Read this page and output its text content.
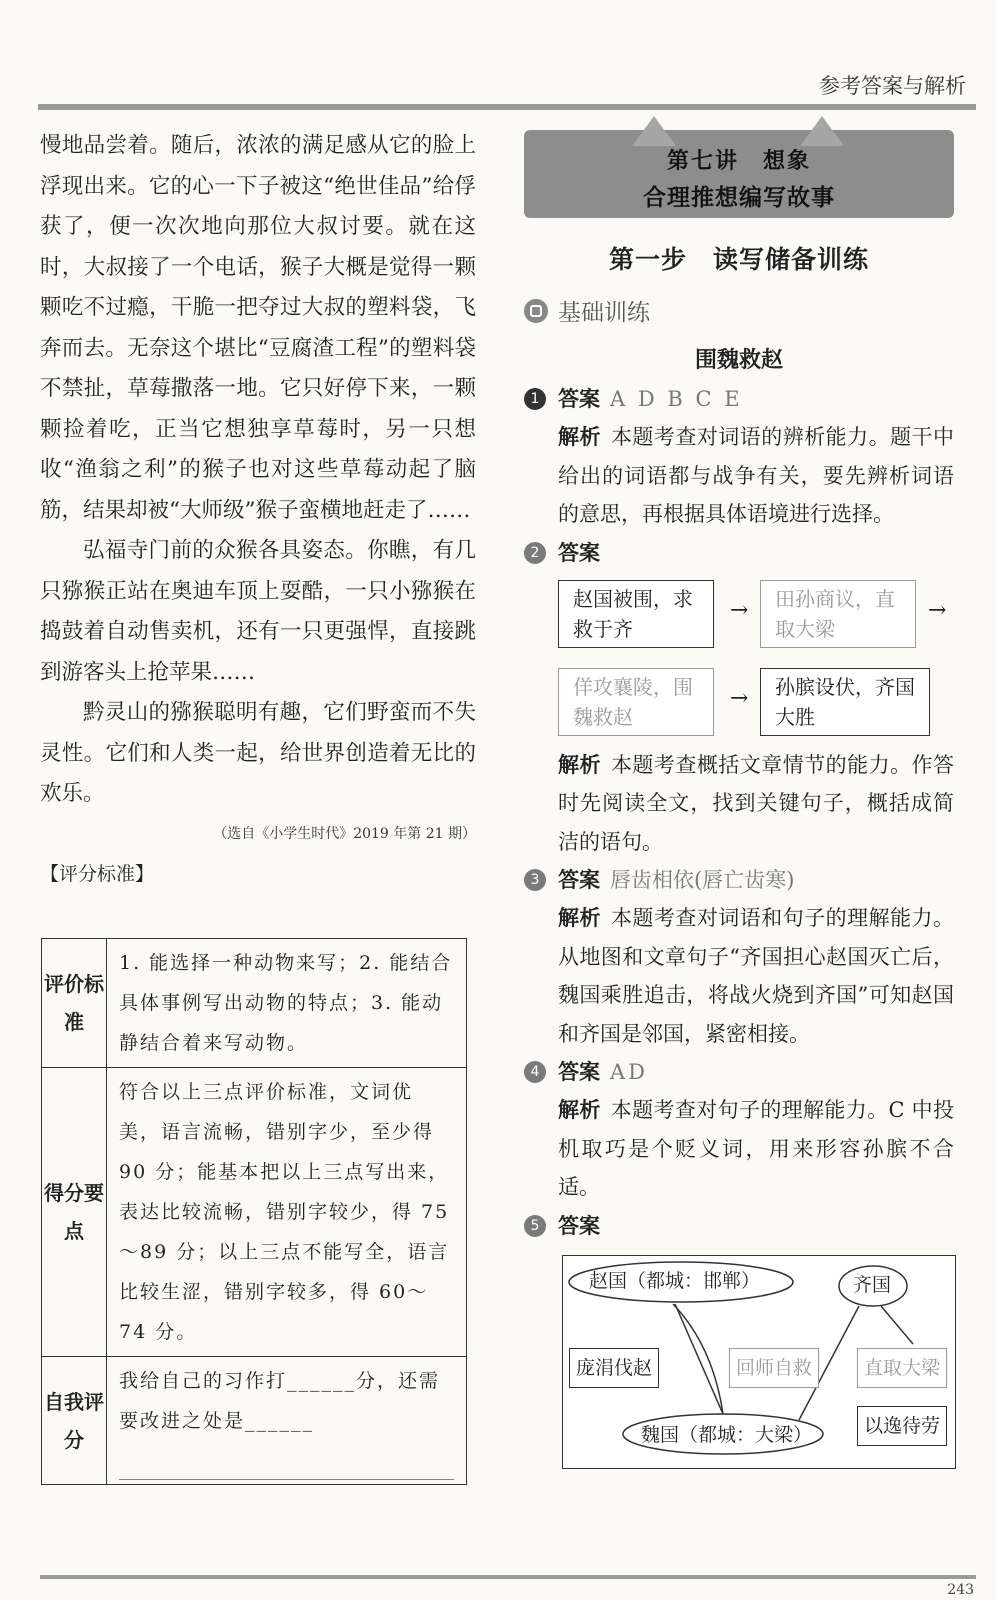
参考答案与解析

慢地品尝着。随后，浓浓的满足感从它的脸上浮现出来。它的心一下子被这“绝世佳品”给俘获了，便一次次地向那位大叔讨要。就在这时，大叔接了一个电话，猴子大概是觉得一颗颗吃不过瘾，干脆一把夺过大叔的塑料袋，飞奔而去。无奈这个堪比“豆腐渣工程”的塑料袋不禁扯，草莓撒落一地。它只好停下来，一颗颗捡着吃，正当它想独享草莓时，另一只想收“渔翁之利”的猴子也对这些草莓动起了脑筋，结果却被“大师级”猴子蛮横地赶走了……

弘福寺门前的众猴各具姿态。你瞧，有几只猕猴正站在奥迪车顶上耍酷，一只小猕猴在捣鼓着自动售卖机，还有一只更强悍，直接跳到游客头上抢苹果……

黔灵山的猕猴聪明有趣，它们野蛮而不失灵性。它们和人类一起，给世界创造着无比的欢乐。

（选自《小学生时代》2019 年第 21 期）
【评分标准】
评价标准	1. 能选择一种动物来写；2. 能结合具体事例写出动物的特点；3. 能动静结合着来写动物。
得分要点	符合以上三点评价标准，文词优美，语言流畅，错别字少，至少得 90 分；能基本把以上三点写出来，表达比较流畅，错别字较少，得 75～89 分；以上三点不能写全，语言比较生涩，错别字较多，得 60～74 分。
自我评分	我给自己的习作打______分，还需要改进之处是______
第七讲　想象
合理推想编写故事
第一步　读写储备训练
基础训练
围魏救赵
1 答案 A D B C E

解析 本题考查对词语的辨析能力。题干中给出的词语都与战争有关，要先辨析词语的意思，再根据具体语境进行选择。

2 答案
赵国被围，求救于齐
→	田孙商议，直取大梁
→
佯攻襄陵，围魏救赵
→	孙膑设伏，齐国大胜

解析 本题考查概括文章情节的能力。作答时先阅读全文，找到关键句子，概括成简洁的语句。

3 答案 唇齿相依(唇亡齿寒)

解析 本题考查对词语和句子的理解能力。从地图和文章句子“齐国担心赵国灭亡后，魏国乘胜追击，将战火烧到齐国”可知赵国和齐国是邻国，紧密相接。

4 答案 AD

解析 本题考查对句子的理解能力。C 中投机取巧是个贬义词，用来形容孙膑不合适。

5 答案
赵国（都城：邯郸）	齐国
魏国（都城：大梁）
庞涓伐赵	回师自救	直取大梁
以逸待劳
243
